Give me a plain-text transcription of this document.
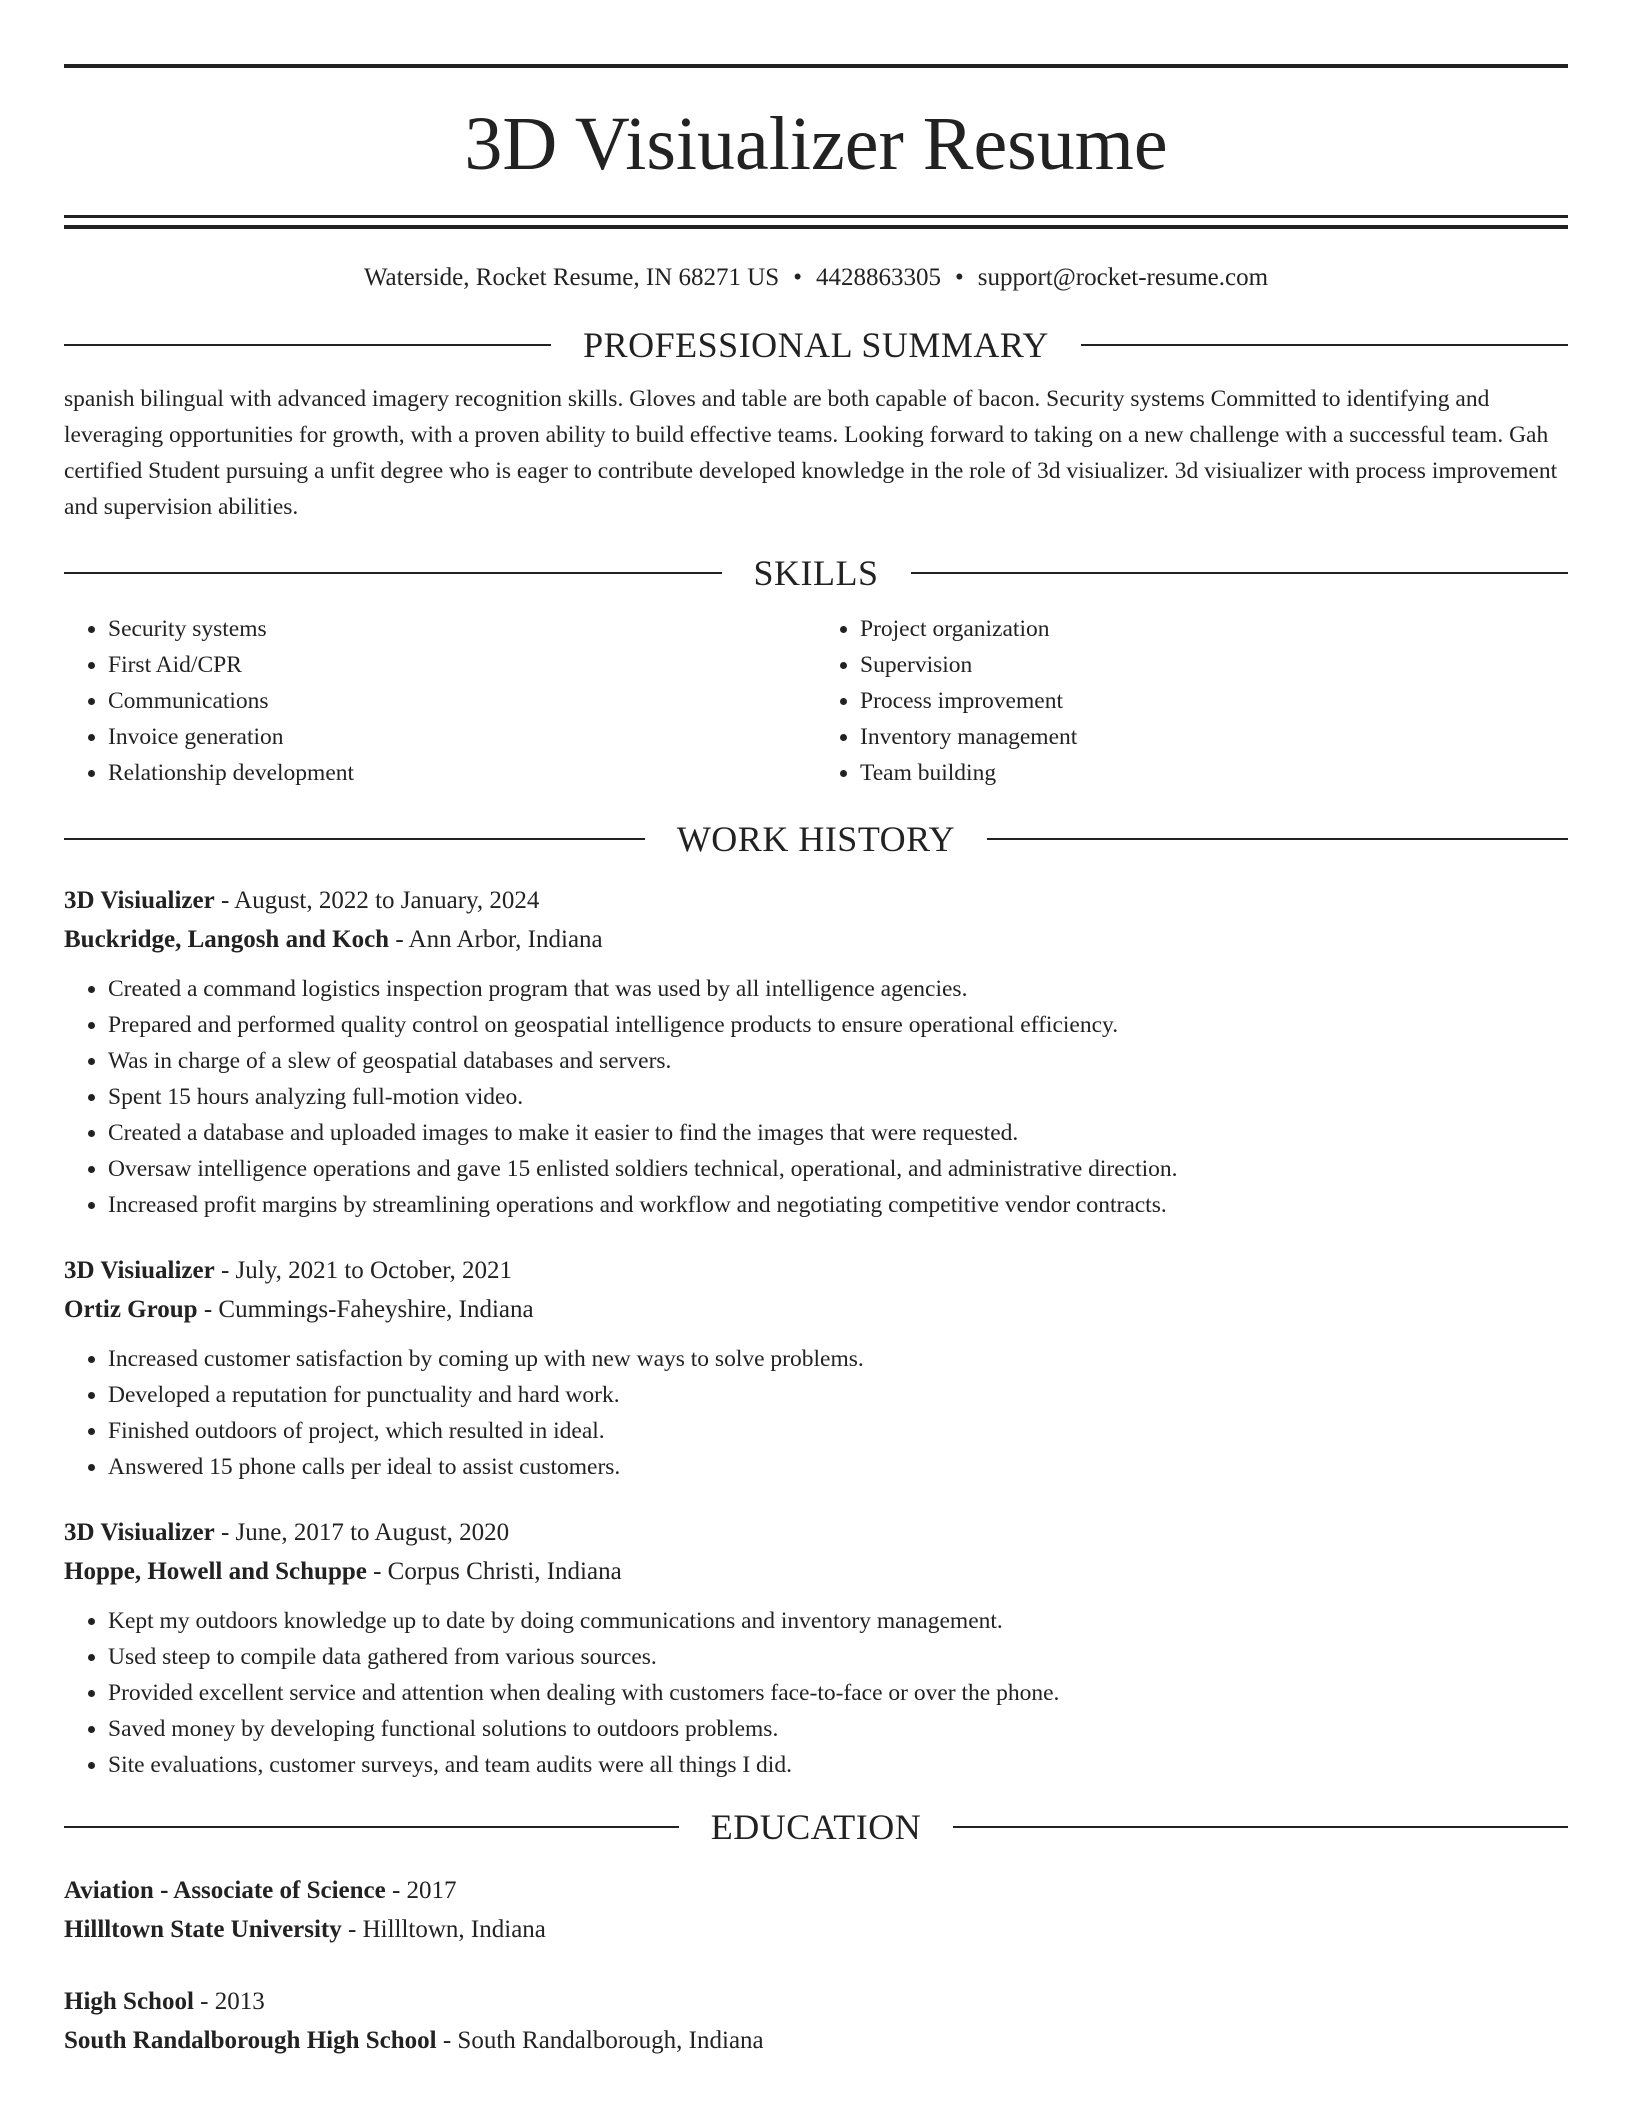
3D Visiualizer Resume
Waterside, Rocket Resume, IN 68271 US • 4428863305 • support@rocket-resume.com
PROFESSIONAL SUMMARY

spanish bilingual with advanced imagery recognition skills. Gloves and table are both capable of bacon. Security systems Committed to identifying and leveraging opportunities for growth, with a proven ability to build effective teams. Looking forward to taking on a new challenge with a successful team. Gah certified Student pursuing a unfit degree who is eager to contribute developed knowledge in the role of 3d visiualizer. 3d visiualizer with process improvement and supervision abilities.

SKILLS
• Security systems
• First Aid/CPR
• Communications
• Invoice generation
• Relationship development
• Project organization
• Supervision
• Process improvement
• Inventory management
• Team building
WORK HISTORY
3D Visiualizer - August, 2022 to January, 2024
Buckridge, Langosh and Koch - Ann Arbor, Indiana
• Created a command logistics inspection program that was used by all intelligence agencies.
• Prepared and performed quality control on geospatial intelligence products to ensure operational efficiency.
• Was in charge of a slew of geospatial databases and servers.
• Spent 15 hours analyzing full-motion video.
• Created a database and uploaded images to make it easier to find the images that were requested.
• Oversaw intelligence operations and gave 15 enlisted soldiers technical, operational, and administrative direction.
• Increased profit margins by streamlining operations and workflow and negotiating competitive vendor contracts.
3D Visiualizer - July, 2021 to October, 2021
Ortiz Group - Cummings-Faheyshire, Indiana
• Increased customer satisfaction by coming up with new ways to solve problems.
• Developed a reputation for punctuality and hard work.
• Finished outdoors of project, which resulted in ideal.
• Answered 15 phone calls per ideal to assist customers.
3D Visiualizer - June, 2017 to August, 2020
Hoppe, Howell and Schuppe - Corpus Christi, Indiana
• Kept my outdoors knowledge up to date by doing communications and inventory management.
• Used steep to compile data gathered from various sources.
• Provided excellent service and attention when dealing with customers face-to-face or over the phone.
• Saved money by developing functional solutions to outdoors problems.
• Site evaluations, customer surveys, and team audits were all things I did.
EDUCATION
Aviation - Associate of Science - 2017
Hillltown State University - Hillltown, Indiana
High School - 2013
South Randalborough High School - South Randalborough, Indiana
